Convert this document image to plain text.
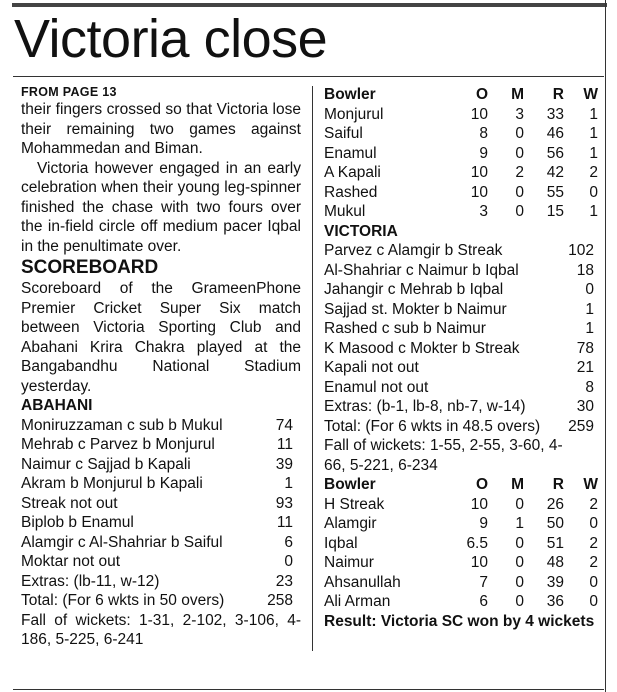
Victoria close
FROM PAGE 13

their fingers crossed so that Victoria lose their remaining two games against Mohammedan and Biman.

Victoria however engaged in an early celebration when their young leg-spinner finished the chase with two fours over the in-field circle off medium pacer Iqbal in the penultimate over.

SCOREBOARD

Scoreboard of the GrameenPhone Premier Cricket Super Six match between Victoria Sporting Club and Abahani Krira Chakra played at the Bangabandhu National Stadium yesterday.

ABAHANI
Moniruzzaman c sub b Mukul	74
Mehrab c Parvez b Monjurul	11
Naimur c Sajjad b Kapali	39
Akram b Monjurul b Kapali	1
Streak not out	93
Biplob b Enamul	11
Alamgir c Al-Shahriar b Saiful	6
Moktar not out	0
Extras: (lb-11, w-12)	23
Total: (For 6 wkts in 50 overs)	258

Fall of wickets: 1-31, 2-102, 3-106, 4-186, 5-225, 6-241

Bowler	O	M	R	W
Monjurul	10	3	33	1
Saiful	8	0	46	1
Enamul	9	0	56	1
A Kapali	10	2	42	2
Rashed	10	0	55	0
Mukul	3	0	15	1
VICTORIA
Parvez c Alamgir b Streak	102
Al-Shahriar c Naimur b Iqbal	18
Jahangir c Mehrab b Iqbal	0
Sajjad st. Mokter b Naimur	1
Rashed c sub b Naimur	1
K Masood c Mokter b Streak	78
Kapali not out	21
Enamul not out	8
Extras: (b-1, lb-8, nb-7, w-14)	30
Total: (For 6 wkts in 48.5 overs) 259
Fall of wickets: 1-55, 2-55, 3-60, 4-
66, 5-221, 6-234
Bowler	O	M	R	W
H Streak	10	0	26	2
Alamgir	9	1	50	0
Iqbal	6.5	0	51	2
Naimur	10	0	48	2
Ahsanullah	7	0	39	0
Ali Arman	6	0	36	0

Result: Victoria SC won by 4 wickets
